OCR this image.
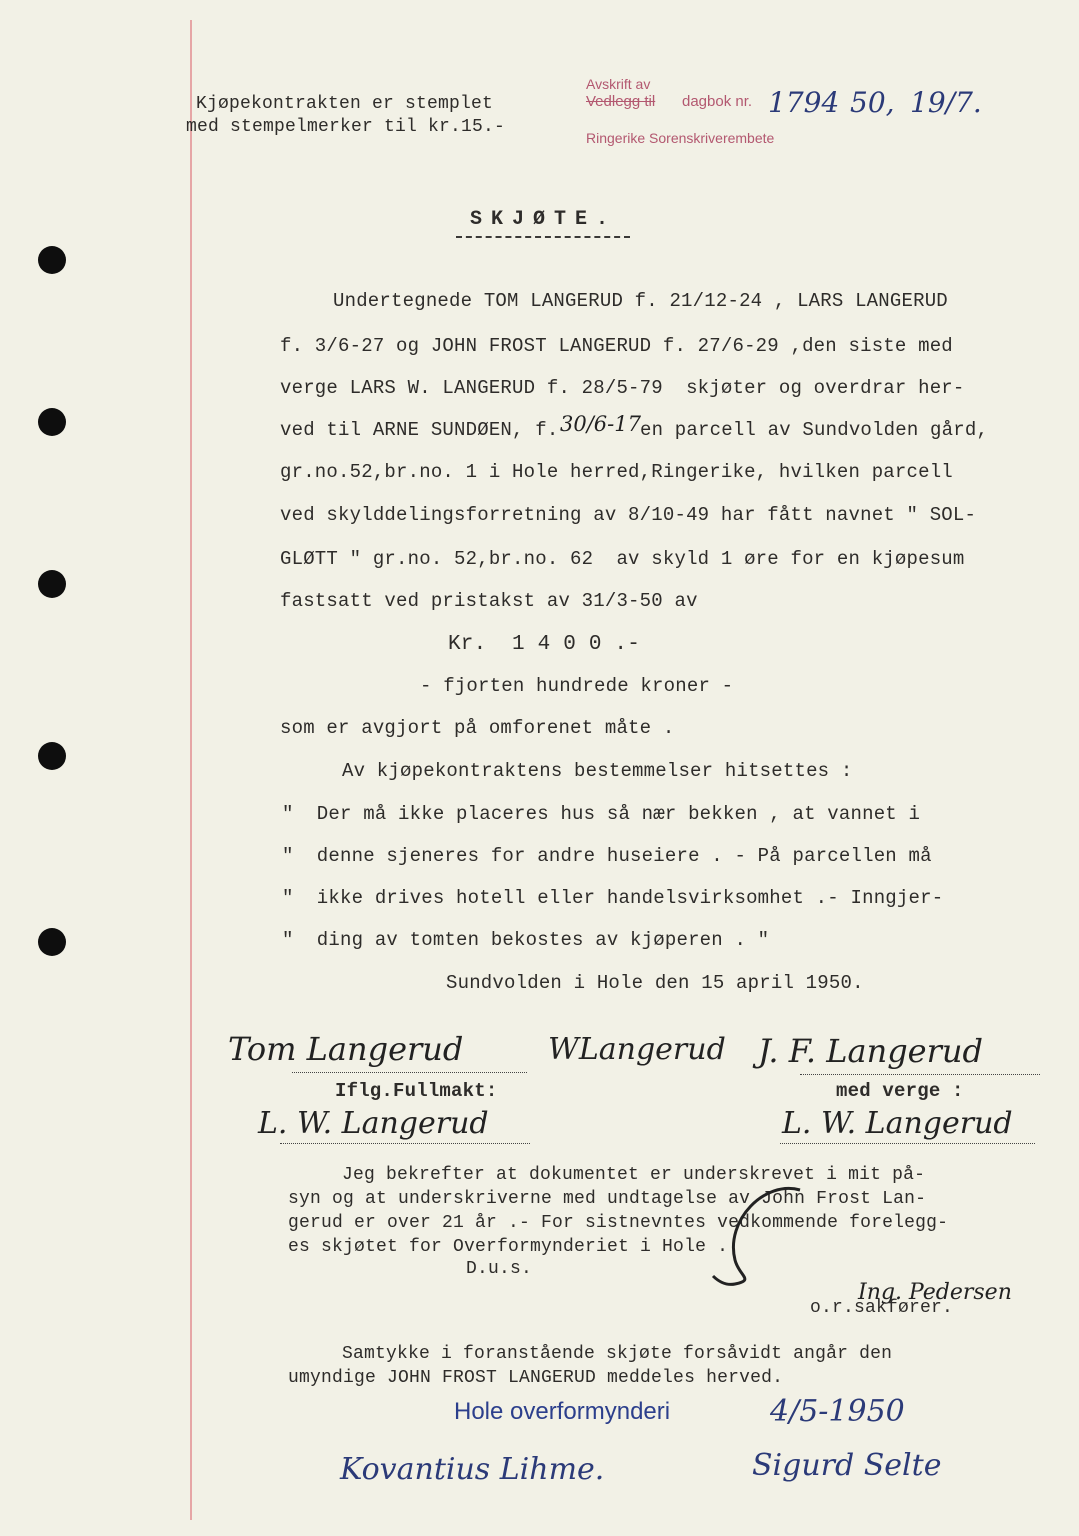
Kjøpekontrakten er stemplet
med stempelmerker til kr.15.-
Avskrift av
Vedlegg til dagbok nr.
Ringerike Sorenskriverembete
1794 50, 19/7.
SKJØTE.
Undertegnede TOM LANGERUD f. 21/12-24 , LARS LANGERUD
f. 3/6-27 og JOHN FROST LANGERUD f. 27/6-29 ,den siste med
verge LARS W. LANGERUD f. 28/5-79  skjøter og overdrar her-
ved til ARNE SUNDØEN, f. 30/6-17 en parcell av Sundvolden gård,
gr.no.52,br.no. 1 i Hole herred,Ringerike, hvilken parcell
ved skylddelingsforretning av 8/10-49 har fått navnet " SOL-
GLØTT " gr.no. 52,br.no. 62  av skyld 1 øre for en kjøpesum
fastsatt ved pristakst av 31/3-50 av
Kr.  1 4 0 0 .-
- fjorten hundrede kroner -
som er avgjort på omforenet måte .
Av kjøpekontraktens bestemmelser hitsettes :
"  Der må ikke placeres hus så nær bekken , at vannet i
"  denne sjeneres for andre huseiere . - På parcellen må
"  ikke drives hotell eller handelsvirksomhet .- Inngjer-
"  ding av tomten bekostes av kjøperen . "
Sundvolden i Hole den 15 april 1950.
Tom Langerud	WLangerud J. F. Langerud
Iflg.Fullmakt:	med verge :
L. W. Langerud	L. W. Langerud
Jeg bekrefter at dokumentet er underskrevet i mit på-
syn og at underskriverne med undtagelse av John Frost Lan-
gerud er over 21 år .- For sistnevntes vedkommende forelegg-
es skjøtet for Overformynderiet i Hole .
D.u.s.
Ing. Pedersen
o.r.sakfører.
Samtykke i foranstående skjøte forsåvidt angår den
umyndige JOHN FROST LANGERUD meddeles herved.
Hole overformynderi	4/5-1950
Kovantius Lihme.	Sigurd Selte
